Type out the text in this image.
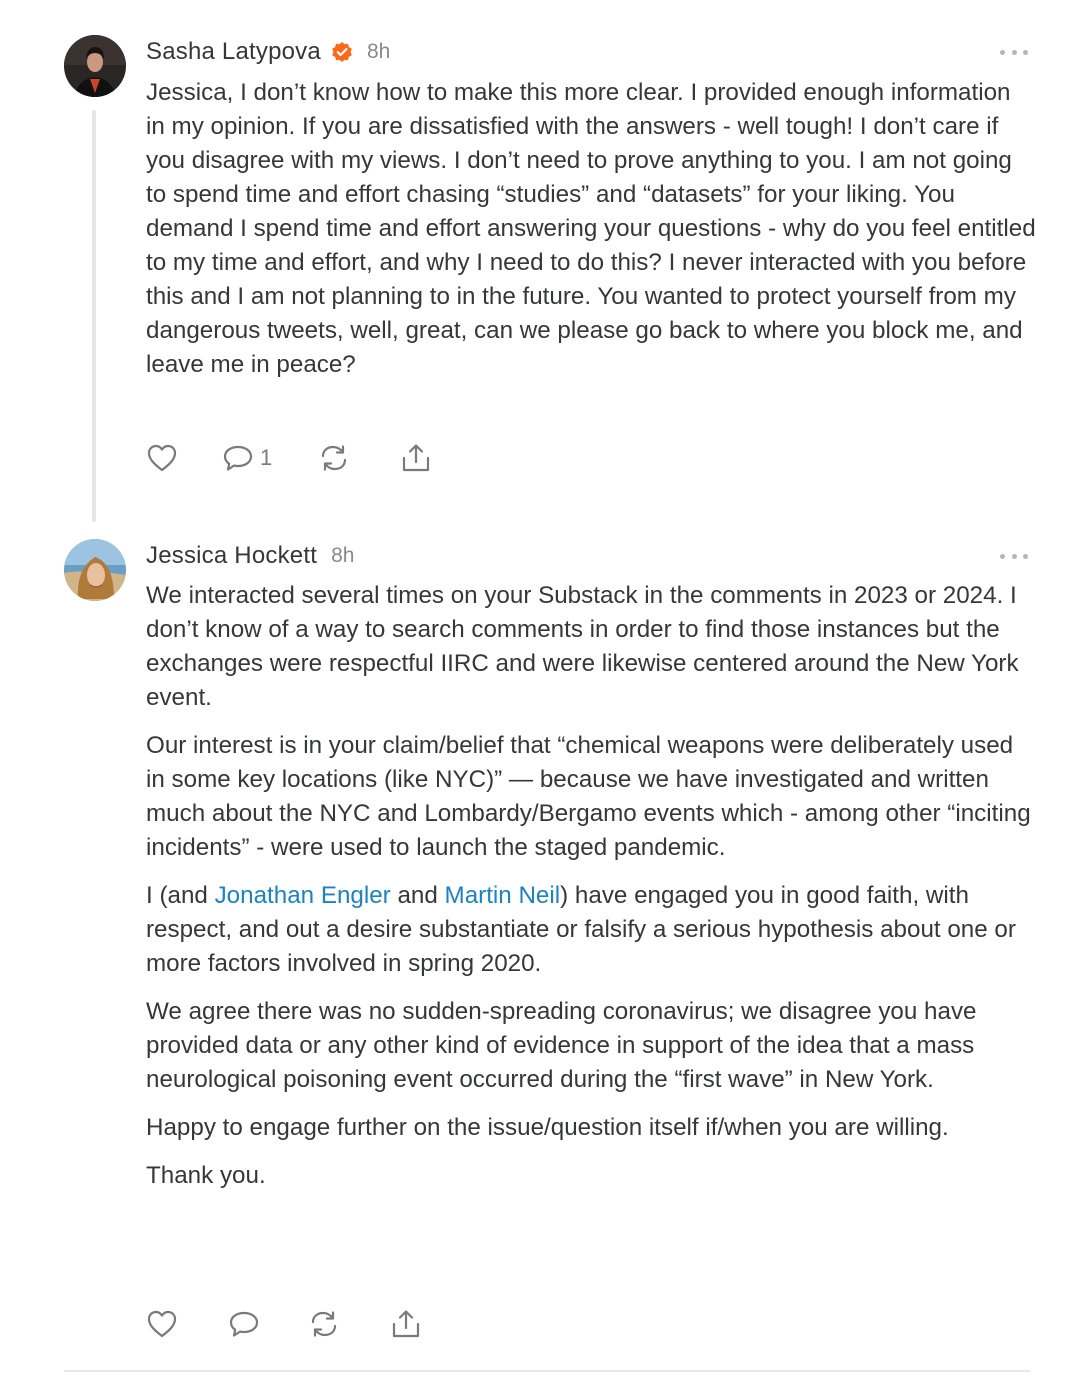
Sasha Latypova 8h

Jessica, I don’t know how to make this more clear. I provided enough information in my opinion. If you are dissatisfied with the answers - well tough! I don’t care if you disagree with my views. I don’t need to prove anything to you. I am not going to spend time and effort chasing “studies” and “datasets” for your liking. You demand I spend time and effort answering your questions - why do you feel entitled to my time and effort, and why I need to do this? I never interacted with you before this and I am not planning to in the future. You wanted to protect yourself from my dangerous tweets, well, great, can we please go back to where you block me, and leave me in peace?

1
Jessica Hockett 8h

We interacted several times on your Substack in the comments in 2023 or 2024. I don’t know of a way to search comments in order to find those instances but the exchanges were respectful IIRC and were likewise centered around the New York event.

Our interest is in your claim/belief that “chemical weapons were deliberately used in some key locations (like NYC)” — because we have investigated and written much about the NYC and Lombardy/Bergamo events which - among other “inciting incidents” - were used to launch the staged pandemic.

I (and Jonathan Engler and Martin Neil) have engaged you in good faith, with respect, and out a desire substantiate or falsify a serious hypothesis about one or more factors involved in spring 2020.

We agree there was no sudden-spreading coronavirus; we disagree you have provided data or any other kind of evidence in support of the idea that a mass neurological poisoning event occurred during the “first wave” in New York.

Happy to engage further on the issue/question itself if/when you are willing.

Thank you.
